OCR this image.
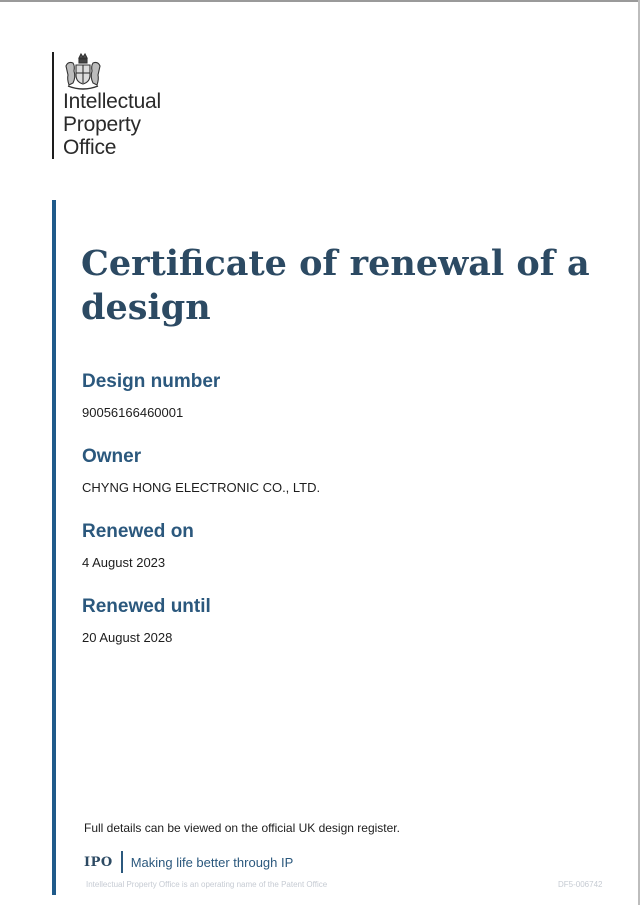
Intellectual
Property
Office
Certificate of renewal of a design
Design number
90056166460001
Owner
CHYNG HONG ELECTRONIC CO., LTD.
Renewed on
4 August 2023
Renewed until
20 August 2028
Full details can be viewed on the official UK design register.
IPO Making life better through IP
Intellectual Property Office is an operating name of the Patent Office	DF5-006742
